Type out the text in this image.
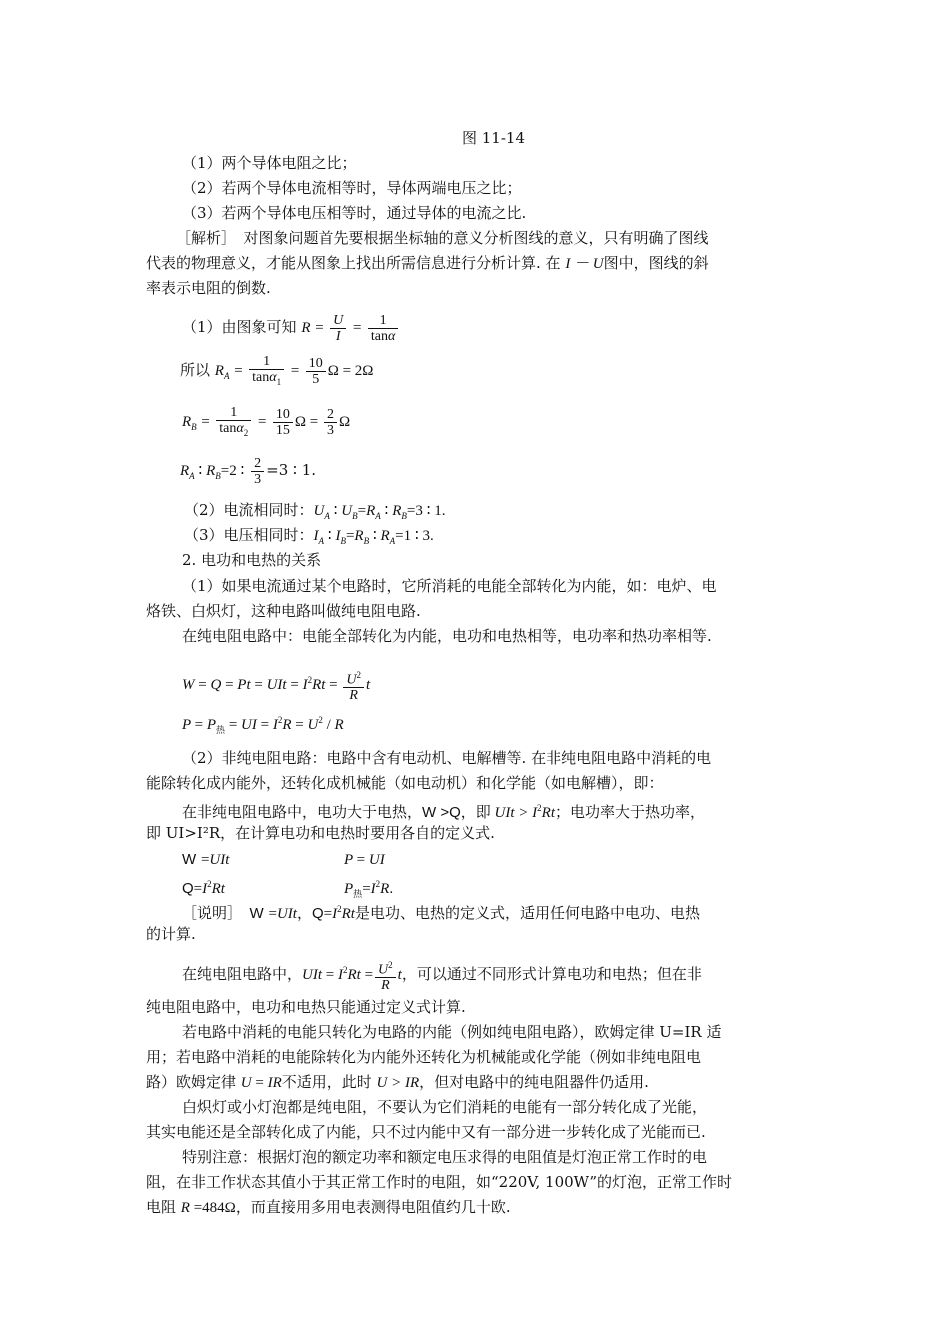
图 11-14
（1）两个导体电阻之比；
（2）若两个导体电流相等时，导体两端电压之比；
（3）若两个导体电压相等时，通过导体的电流之比.
［解析］　对图象问题首先要根据坐标轴的意义分析图线的意义，只有明确了图线
代表的物理意义，才能从图象上找出所需信息进行分析计算. 在 I － U图中，图线的斜
率表示电阻的倒数.
（1）由图象可知 $R = \frac{U}{I} = \frac{1}{\tan\alpha}$
所以 $R_A = \frac{1}{\tan\alpha_1} = \frac{10}{5}$ Ω = 2Ω
$R_B = \frac{1}{\tan\alpha_2} = \frac{10}{15}$ $\Omega = \frac{2}{3}$ Ω
$R_A$ ∶ $R_B=2$ ∶ $\frac{2}{3} =3$ ∶ 1.
（2）电流相同时：$U_A$ ∶ $U_B=R_A$ ∶ $R_B=3$ ∶ 1.
（3）电压相同时：$I_A$ ∶ $I_B=R_B$ ∶ $R_A=1$ ∶ 3.
2. 电功和电热的关系
（1）如果电流通过某个电路时，它所消耗的电能全部转化为内能，如：电炉、电
烙铁、白炽灯，这种电路叫做纯电阻电路.
在纯电阻电路中：电能全部转化为内能，电功和电热相等，电功率和热功率相等.
W = Q = Pt = UIt = $I^2Rt = \frac{U^2}{R}$ t
$P = P_热$ = UI = $I^2R = U^2 / R$
（2）非纯电阻电路：电路中含有电动机、电解槽等. 在非纯电阻电路中消耗的电
能除转化成内能外，还转化成机械能（如电动机）和化学能（如电解槽），即：
在非纯电阻电路中，电功大于电热，W >Q，即 UIt > $I^2Rt$；电功率大于热功率，
即 UI>I²R，在计算电功和电热时要用各自的定义式.
W =UIt	P = UI
$Q=I^2Rt$	$P_热=I^2R$.
［说明］　W =UIt，$Q=I^2Rt$是电功、电热的定义式，适用任何电路中电功、电热
的计算.
在纯电阻电路中，UIt = $I^2Rt = \frac{U^2}{R}$ t，可以通过不同形式计算电功和电热；但在非
纯电阻电路中，电功和电热只能通过定义式计算.
若电路中消耗的电能只转化为电路的内能（例如纯电阻电路），欧姆定律 U=IR 适
用；若电路中消耗的电能除转化为内能外还转化为机械能或化学能（例如非纯电阻电
路）欧姆定律 U = IR不适用，此时 U > IR，但对电路中的纯电阻器件仍适用.
白炽灯或小灯泡都是纯电阻，不要认为它们消耗的电能有一部分转化成了光能，
其实电能还是全部转化成了内能，只不过内能中又有一部分进一步转化成了光能而已.
特别注意：根据灯泡的额定功率和额定电压求得的电阻值是灯泡正常工作时的电
阻，在非工作状态其值小于其正常工作时的电阻，如“220V, 100W”的灯泡，正常工作时
电阻 R =484Ω，而直接用多用电表测得电阻值约几十欧.
